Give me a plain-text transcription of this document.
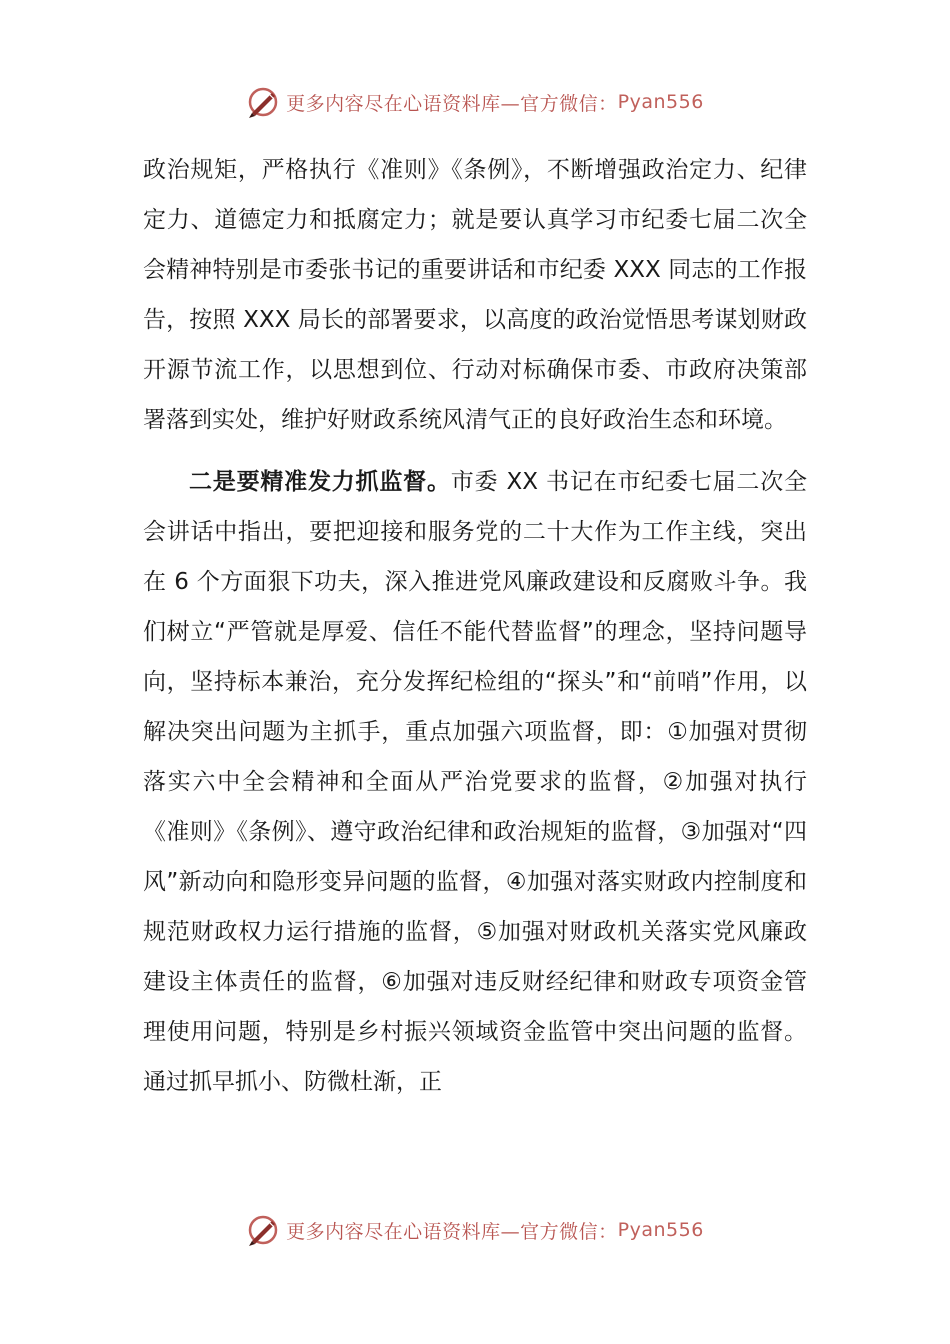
更多内容尽在心语资料库—官方微信： Pyan556

政治规矩，严格执行《准则》《条例》，不断增强政治定力、纪律定力、道德定力和抵腐定力；就是要认真学习市纪委七届二次全会精神特别是市委张书记的重要讲话和市纪委 XXX 同志的工作报告，按照 XXX 局长的部署要求，以高度的政治觉悟思考谋划财政开源节流工作，以思想到位、行动对标确保市委、市政府决策部署落到实处，维护好财政系统风清气正的良好政治生态和环境。

二是要精准发力抓监督。市委 XX 书记在市纪委七届二次全会讲话中指出，要把迎接和服务党的二十大作为工作主线，突出在 6 个方面狠下功夫，深入推进党风廉政建设和反腐败斗争。我们树立“严管就是厚爱、信任不能代替监督”的理念，坚持问题导向，坚持标本兼治，充分发挥纪检组的“探头”和“前哨”作用，以解决突出问题为主抓手，重点加强六项监督，即：①加强对贯彻落实六中全会精神和全面从严治党要求的监督，②加强对执行《准则》《条例》、遵守政治纪律和政治规矩的监督，③加强对“四风”新动向和隐形变异问题的监督，④加强对落实财政内控制度和规范财政权力运行措施的监督，⑤加强对财政机关落实党风廉政建设主体责任的监督，⑥加强对违反财经纪律和财政专项资金管理使用问题，特别是乡村振兴领域资金监管中突出问题的监督。通过抓早抓小、防微杜渐，正

更多内容尽在心语资料库—官方微信： Pyan556
